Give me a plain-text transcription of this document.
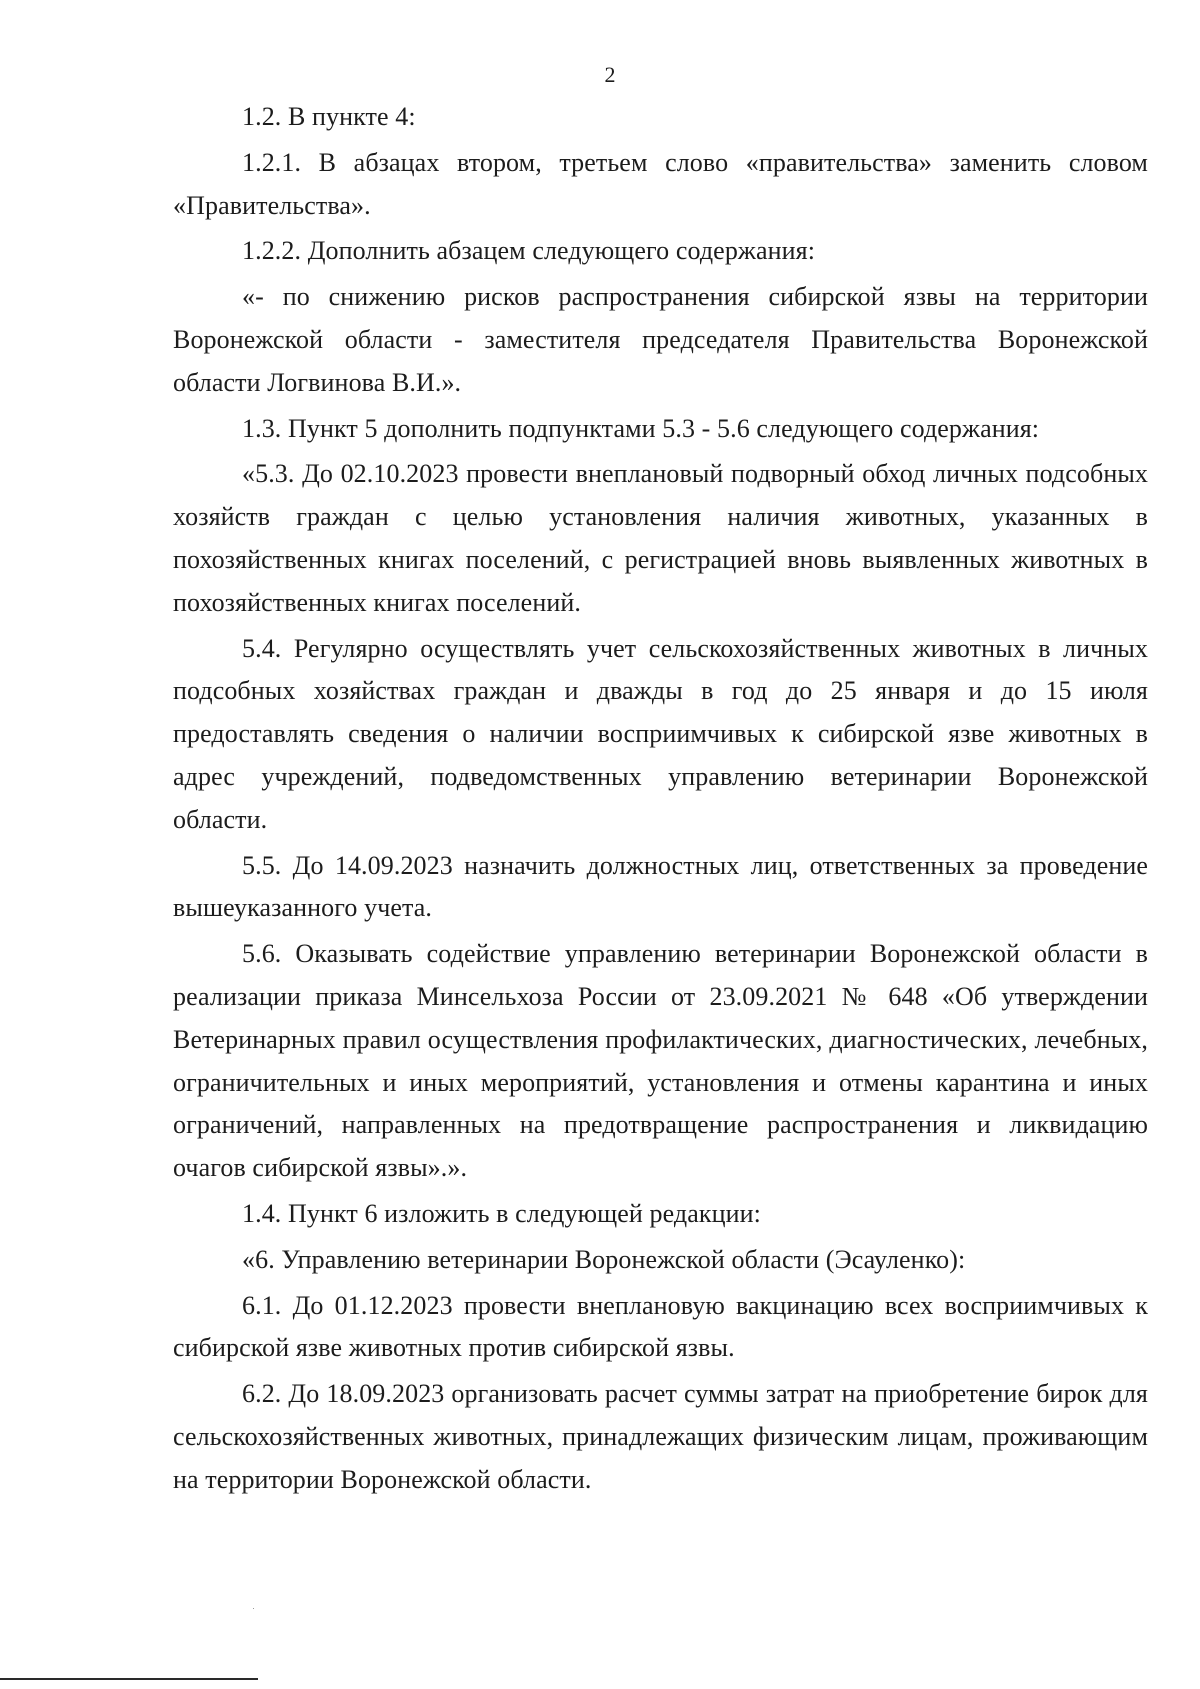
2

1.2. В пункте 4:

1.2.1. В абзацах втором, третьем слово «правительства» заменить словом «Правительства».

1.2.2. Дополнить абзацем следующего содержания:

«- по снижению рисков распространения сибирской язвы на территории Воронежской области - заместителя председателя Правительства Воронежской области Логвинова В.И.».

1.3. Пункт 5 дополнить подпунктами 5.3 - 5.6 следующего содержания:

«5.3. До 02.10.2023 провести внеплановый подворный обход личных подсобных хозяйств граждан с целью установления наличия животных, указанных в похозяйственных книгах поселений, с регистрацией вновь выявленных животных в похозяйственных книгах поселений.

5.4. Регулярно осуществлять учет сельскохозяйственных животных в личных подсобных хозяйствах граждан и дважды в год до 25 января и до 15 июля предоставлять сведения о наличии восприимчивых к сибирской язве животных в адрес учреждений, подведомственных управлению ветеринарии Воронежской области.

5.5. До 14.09.2023 назначить должностных лиц, ответственных за проведение вышеуказанного учета.

5.6. Оказывать содействие управлению ветеринарии Воронежской области в реализации приказа Минсельхоза России от 23.09.2021 № 648 «Об утверждении Ветеринарных правил осуществления профилактических, диагностических, лечебных, ограничительных и иных мероприятий, установления и отмены карантина и иных ограничений, направленных на предотвращение распространения и ликвидацию очагов сибирской язвы».».

1.4. Пункт 6 изложить в следующей редакции:

«6. Управлению ветеринарии Воронежской области (Эсауленко):

6.1. До 01.12.2023 провести внеплановую вакцинацию всех восприимчивых к сибирской язве животных против сибирской язвы.

6.2. До 18.09.2023 организовать расчет суммы затрат на приобретение бирок для сельскохозяйственных животных, принадлежащих физическим лицам, проживающим на территории Воронежской области.
